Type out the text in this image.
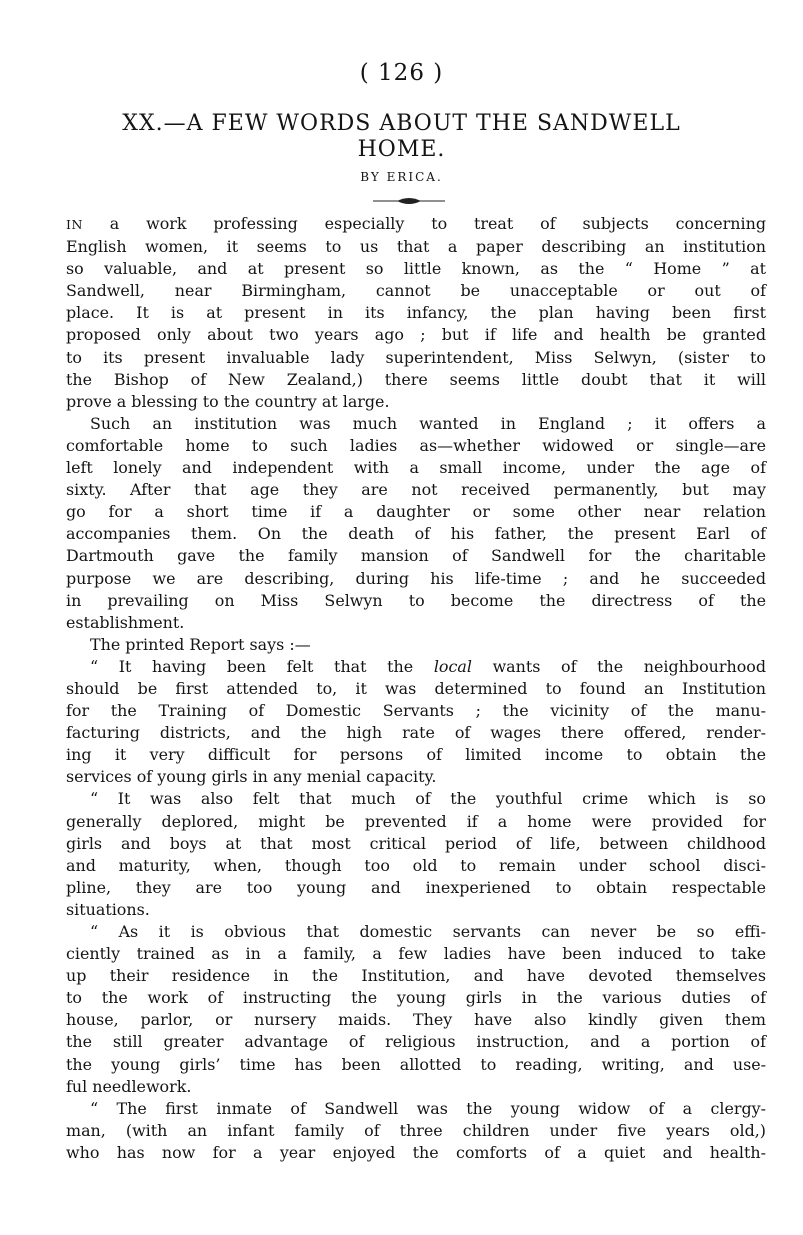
( 126 )
XX.—A FEW WORDS ABOUT THE SANDWELL
HOME.
BY ERICA.
IN a work professing especially to treat of subjects concerning
English women, it seems to us that a paper describing an institution
so valuable, and at present so little known, as the “ Home ” at
Sandwell, near Birmingham, cannot be unacceptable or out of
place. It is at present in its infancy, the plan having been first
proposed only about two years ago ; but if life and health be granted
to its present invaluable lady superintendent, Miss Selwyn, (sister to
the Bishop of New Zealand,) there seems little doubt that it will
prove a blessing to the country at large.
Such an institution was much wanted in England ; it offers a
comfortable home to such ladies as—whether widowed or single—are
left lonely and independent with a small income, under the age of
sixty. After that age they are not received permanently, but may
go for a short time if a daughter or some other near relation
accompanies them. On the death of his father, the present Earl of
Dartmouth gave the family mansion of Sandwell for the charitable
purpose we are describing, during his life-time ; and he succeeded
in prevailing on Miss Selwyn to become the directress of the
establishment.
The printed Report says :—
“ It having been felt that the local wants of the neighbourhood
should be first attended to, it was determined to found an Institution
for the Training of Domestic Servants ; the vicinity of the manu-
facturing districts, and the high rate of wages there offered, render-
ing it very difficult for persons of limited income to obtain the
services of young girls in any menial capacity.
“ It was also felt that much of the youthful crime which is so
generally deplored, might be prevented if a home were provided for
girls and boys at that most critical period of life, between childhood
and maturity, when, though too old to remain under school disci-
pline, they are too young and inexperiened to obtain respectable
situations.
“ As it is obvious that domestic servants can never be so effi-
ciently trained as in a family, a few ladies have been induced to take
up their residence in the Institution, and have devoted themselves
to the work of instructing the young girls in the various duties of
house, parlor, or nursery maids. They have also kindly given them
the still greater advantage of religious instruction, and a portion of
the young girls’ time has been allotted to reading, writing, and use-
ful needlework.
“ The first inmate of Sandwell was the young widow of a clergy-
man, (with an infant family of three children under five years old,)
who has now for a year enjoyed the comforts of a quiet and health-
